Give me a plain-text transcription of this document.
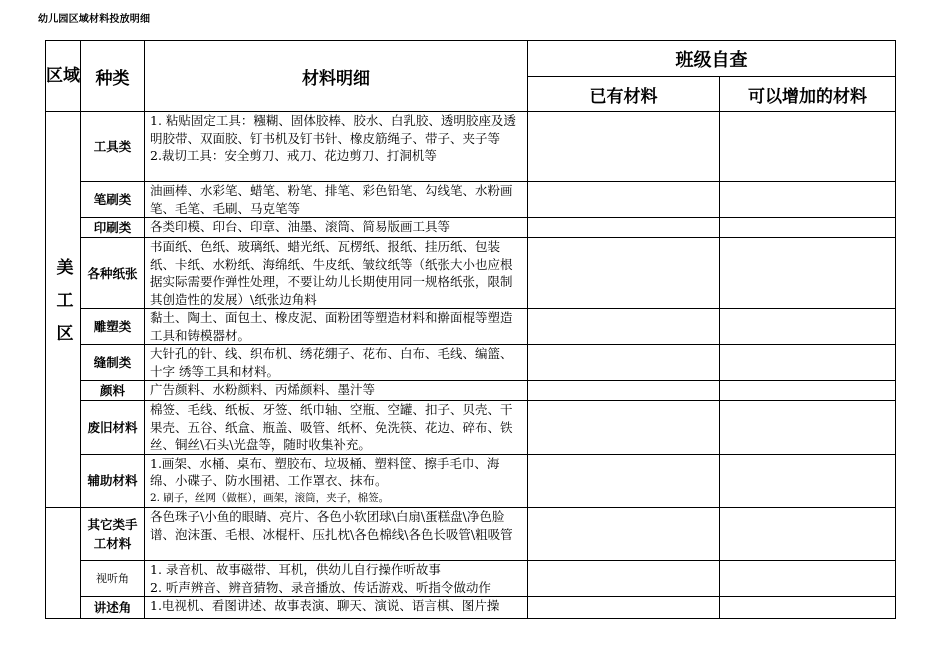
幼儿园区域材料投放明细
区域	种类	材料明细	班级自查	
			已有材料	可以增加的材料
美工区	工具类	1. 粘贴固定工具：糨糊、固体胶棒、胶水、白乳胶、透明胶座及透明胶带、双面胶、钉书机及钉书针、橡皮筋绳子、带子、夹子等
2.裁切工具：安全剪刀、戒刀、花边剪刀、打洞机等		

	笔刷类	油画棒、水彩笔、蜡笔、粉笔、排笔、彩色铅笔、勾线笔、水粉画笔、毛笔、毛刷、马克笔等		

	印刷类	各类印模、印台、印章、油墨、滚筒、简易版画工具等		

	各种纸张	书面纸、色纸、玻璃纸、蜡光纸、瓦楞纸、报纸、挂历纸、包装纸、卡纸、水粉纸、海绵纸、牛皮纸、皱纹纸等（纸张大小也应根据实际需要作弹性处理，不要让幼儿长期使用同一规格纸张，限制其创造性的发展）\纸张边角料		

	雕塑类	黏土、陶土、面包土、橡皮泥、面粉团等塑造材料和擀面棍等塑造工具和铸模器材。		

	缝制类	大针孔的针、线、织布机、绣花绷子、花布、白布、毛线、编篮、十字 绣等工具和材料。		

	颜料	广告颜料、水粉颜料、丙烯颜料、墨汁等		

	废旧材料	棉签、毛线、纸板、牙签、纸巾轴、空瓶、空罐、扣子、贝壳、干果壳、五谷、纸盒、瓶盖、吸管、纸杯、免洗筷、花边、碎布、铁丝、铜丝\石头\光盘等，随时收集补充。		

	辅助材料	1.画架、水桶、桌布、塑胶布、垃圾桶、塑料筐、擦手毛巾、海绵、小碟子、防水围裙、工作罩衣、抹布。
2. 刷子，丝网（做框），画架，滚筒，夹子，棉签。		

	其它类手工材料	各色珠子\小鱼的眼睛、亮片、各色小软团球\白扇\蛋糕盘\净色脸谱、泡沫蛋、毛根、冰棍杆、压扎枕\各色棉线\各色长吸管\粗吸管		

	视听角	1. 录音机、故事磁带、耳机，供幼儿自行操作听故事
2. 听声辨音、辨音猜物、录音播放、传话游戏、听指令做动作		

	讲述角	1.电视机、看图讲述、故事表演、聊天、演说、语言棋、图片操		
